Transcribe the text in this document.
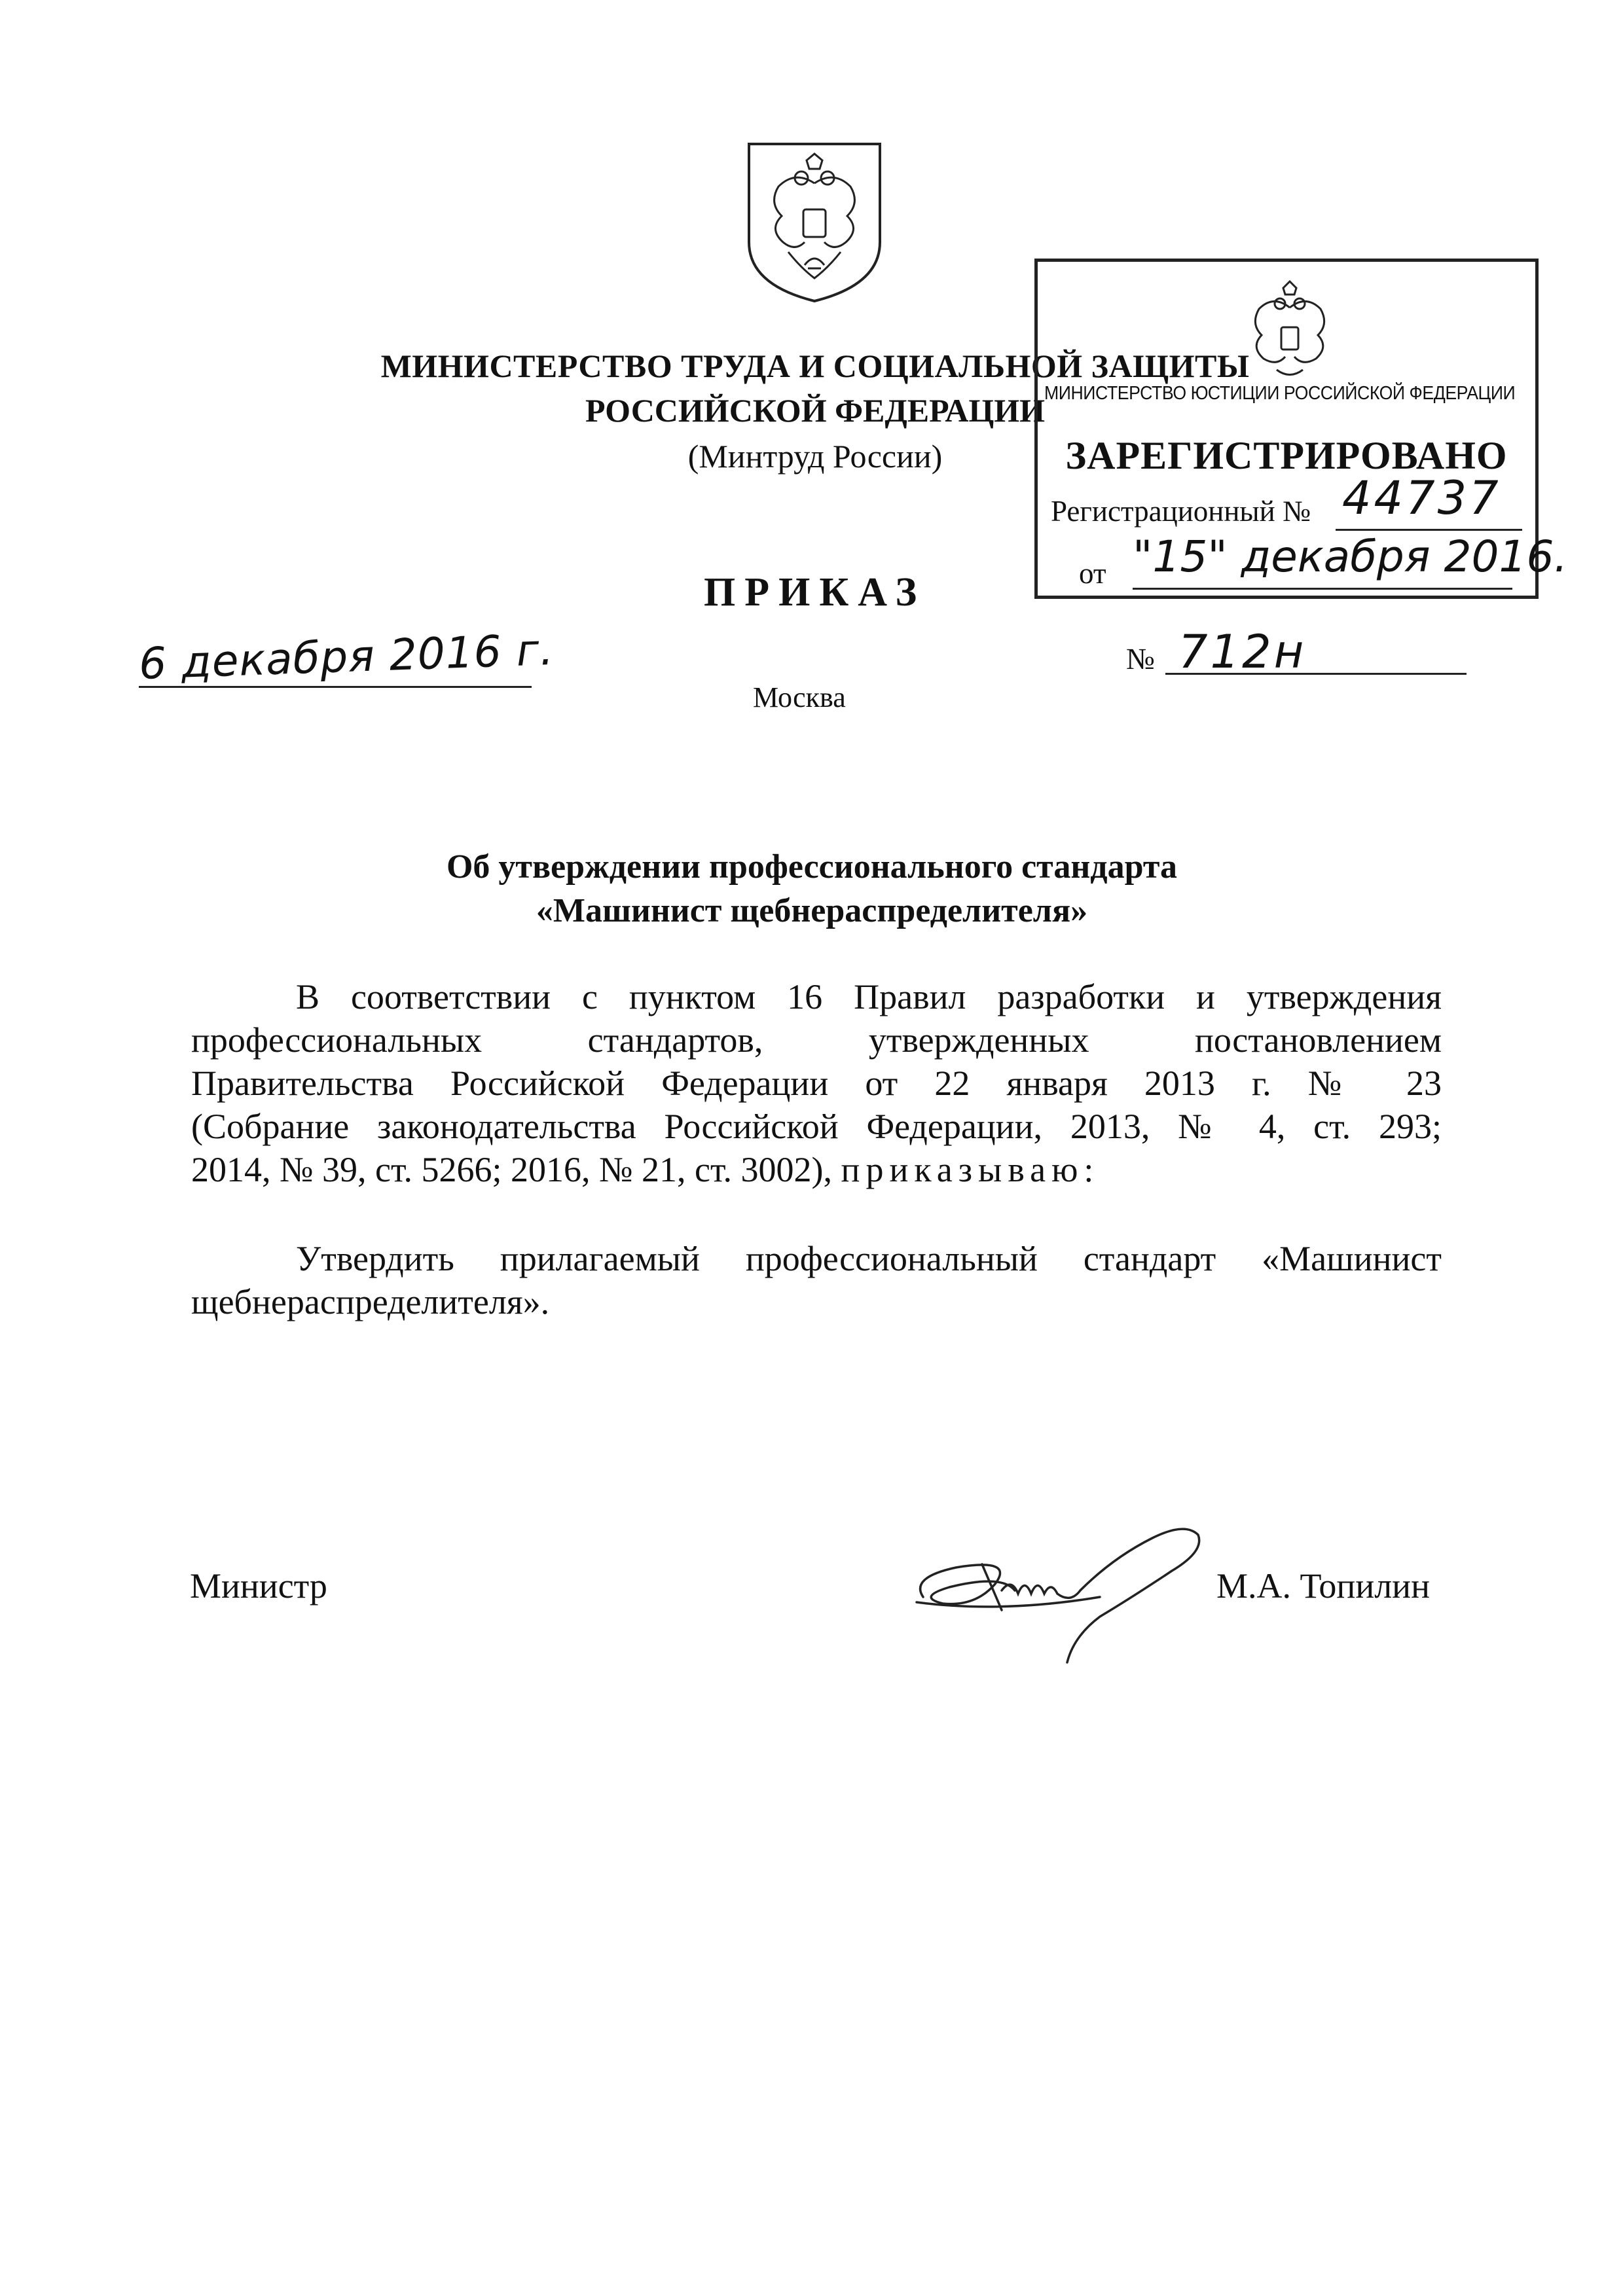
МИНИСТЕРСТВО ТРУДА И СОЦИАЛЬНОЙ ЗАЩИТЫ
РОССИЙСКОЙ ФЕДЕРАЦИИ
(Минтруд России)
МИНИСТЕРСТВО ЮСТИЦИИ РОССИЙСКОЙ ФЕДЕРАЦИИ
ЗАРЕГИСТРИРОВАНО
Регистрационный № 44737
от "15" декабря 2016.
ПРИКАЗ
6 декабря 2016 г.	№ 712н
Москва
Об утверждении профессионального стандарта
«Машинист щебнераспределителя»
В соответствии с пунктом 16 Правил разработки и утверждения
профессиональных стандартов, утвержденных постановлением
Правительства Российской Федерации от 22 января 2013 г. № 23
(Собрание законодательства Российской Федерации, 2013, № 4, ст. 293;
2014, № 39, ст. 5266; 2016, № 21, ст. 3002), приказываю:
Утвердить прилагаемый профессиональный стандарт «Машинист
щебнераспределителя».
Министр	М.А. Топилин
